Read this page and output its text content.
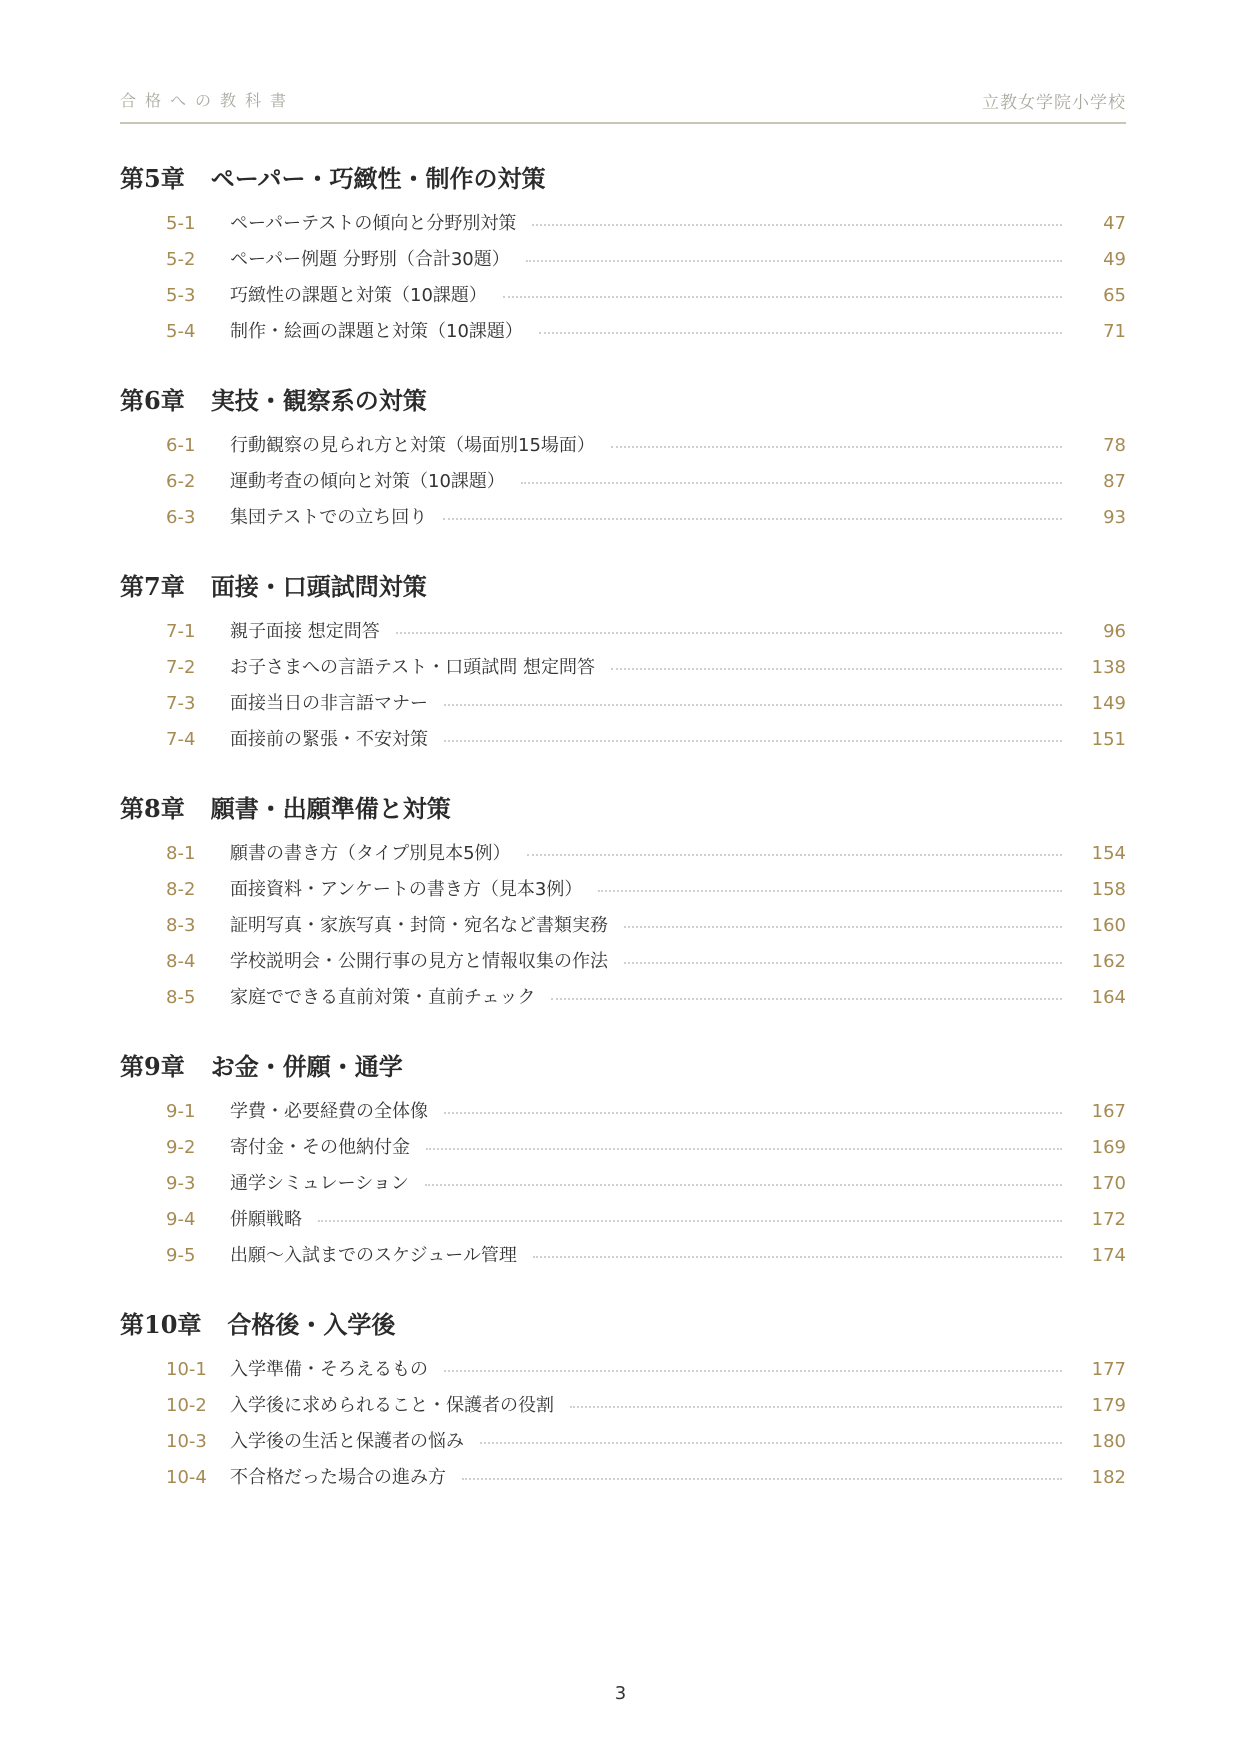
合格への教科書	立教女学院小学校
第5章 ペーパー・巧緻性・制作の対策
5-1 ペーパーテストの傾向と分野別対策	47
5-2 ペーパー例題 分野別（合計30題）	49
5-3 巧緻性の課題と対策（10課題）	65
5-4 制作・絵画の課題と対策（10課題）	71
第6章 実技・観察系の対策
6-1 行動観察の見られ方と対策（場面別15場面）	78
6-2 運動考査の傾向と対策（10課題）	87
6-3 集団テストでの立ち回り	93
第7章 面接・口頭試問対策
7-1 親子面接 想定問答	96
7-2 お子さまへの言語テスト・口頭試問 想定問答	138
7-3 面接当日の非言語マナー	149
7-4 面接前の緊張・不安対策	151
第8章 願書・出願準備と対策
8-1 願書の書き方（タイプ別見本5例）	154
8-2 面接資料・アンケートの書き方（見本3例）	158
8-3 証明写真・家族写真・封筒・宛名など書類実務	160
8-4 学校説明会・公開行事の見方と情報収集の作法	162
8-5 家庭でできる直前対策・直前チェック	164
第9章 お金・併願・通学
9-1 学費・必要経費の全体像	167
9-2 寄付金・その他納付金	169
9-3 通学シミュレーション	170
9-4 併願戦略	172
9-5 出願〜入試までのスケジュール管理	174
第10章 合格後・入学後
10-1 入学準備・そろえるもの	177
10-2 入学後に求められること・保護者の役割	179
10-3 入学後の生活と保護者の悩み	180
10-4 不合格だった場合の進み方	182
3
